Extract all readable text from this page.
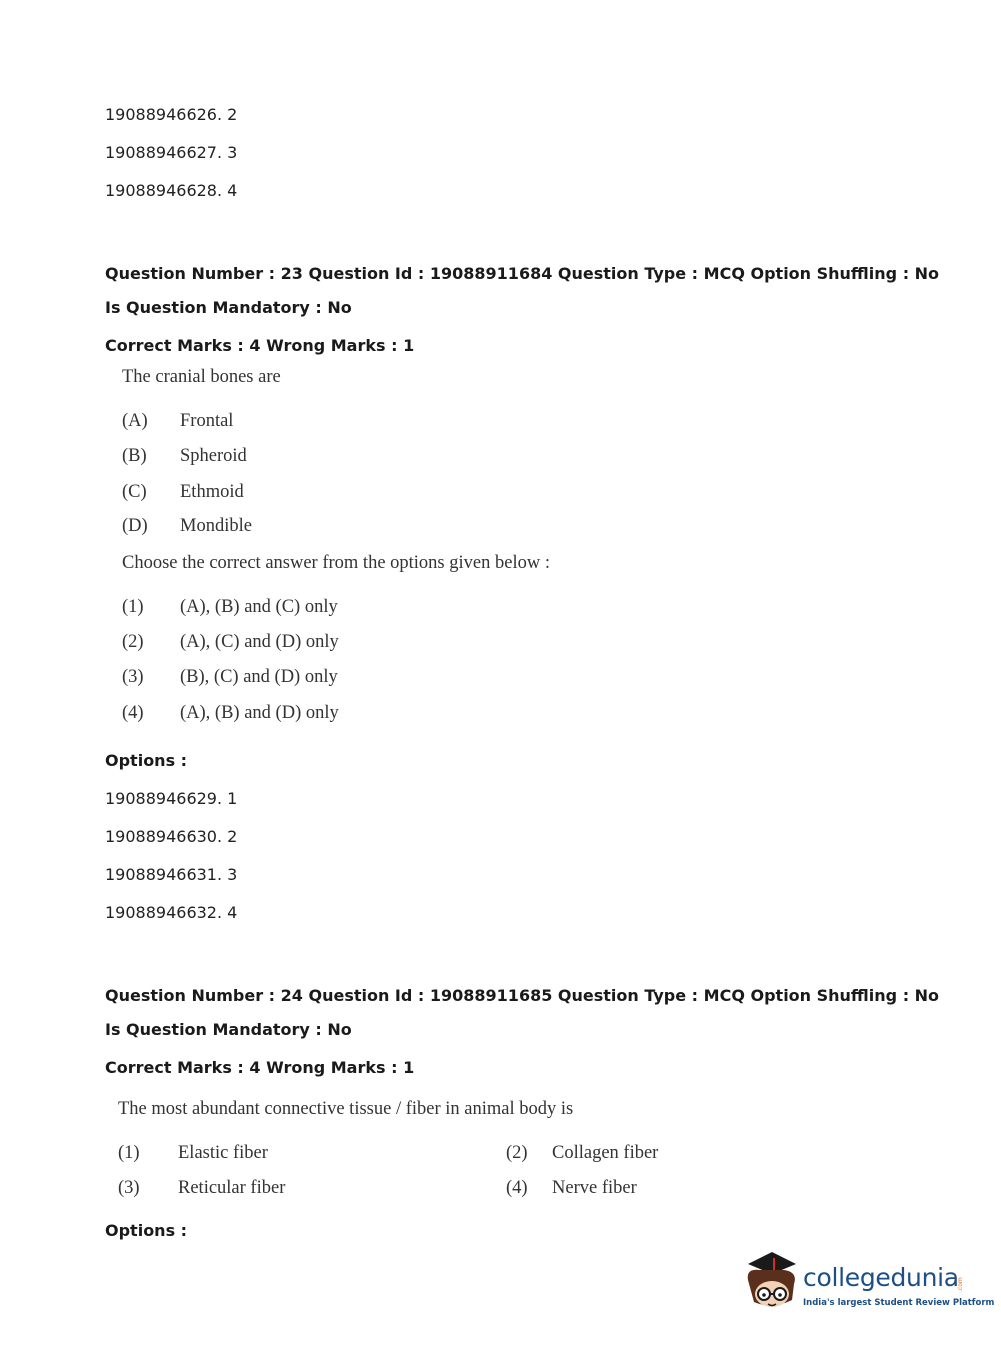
19088946626. 2
19088946627. 3
19088946628. 4
Question Number : 23 Question Id : 19088911684 Question Type : MCQ Option Shuffling : No
Is Question Mandatory : No
Correct Marks : 4 Wrong Marks : 1
The cranial bones are
(A) Frontal
(B) Spheroid
(C) Ethmoid
(D) Mondible
Choose the correct answer from the options given below :
(1) (A), (B) and (C) only
(2) (A), (C) and (D) only
(3) (B), (C) and (D) only
(4) (A), (B) and (D) only
Options :
19088946629. 1
19088946630. 2
19088946631. 3
19088946632. 4
Question Number : 24 Question Id : 19088911685 Question Type : MCQ Option Shuffling : No
Is Question Mandatory : No
Correct Marks : 4 Wrong Marks : 1
The most abundant connective tissue / fiber in animal body is
(1) Elastic fiber	(2) Collagen fiber
(3) Reticular fiber	(4) Nerve fiber
Options :
collegedunia
.com
India's largest Student Review Platform
